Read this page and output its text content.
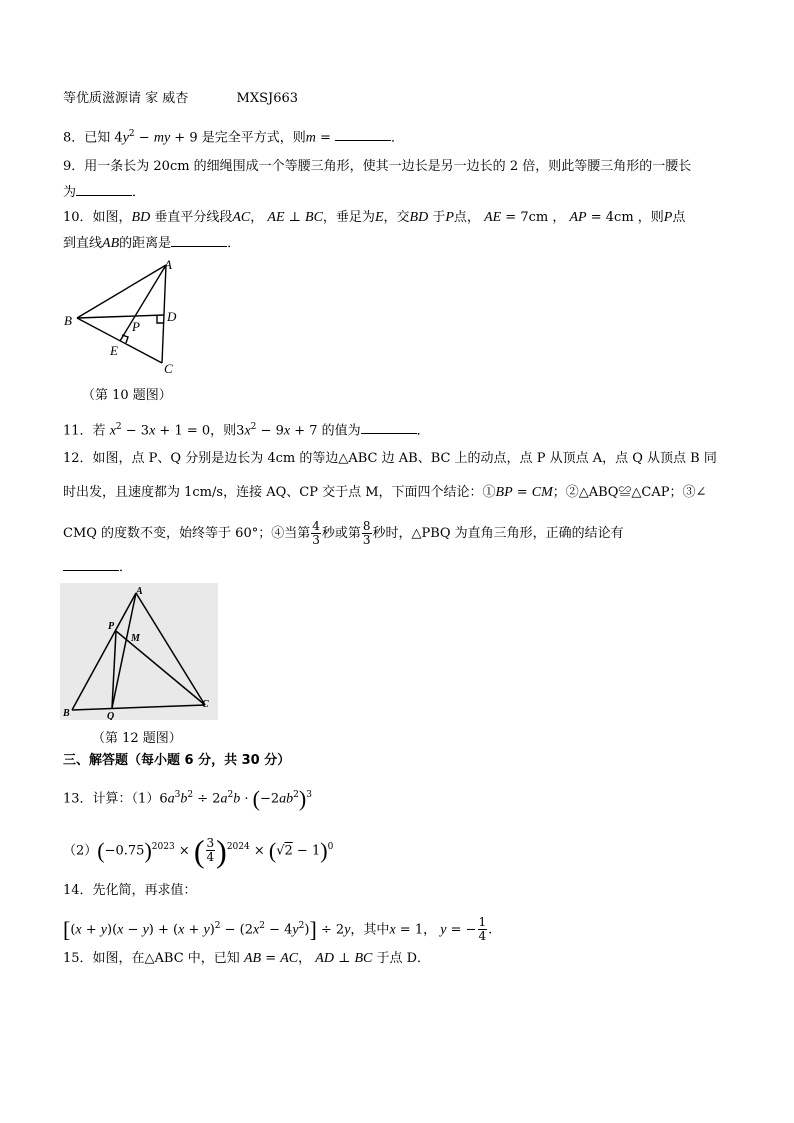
等优质滋源请 家 威杏	MXSJ663
8．已知 $4y^2$ − my + 9 是完全平方式，则m =	．
9．用一条长为 20cm 的细绳围成一个等腰三角形，使其一边长是另一边长的 2 倍，则此等腰三角形的一腰长
为	．
10．如图，BD 垂直平分线段AC， AE ⊥ BC，垂足为E，交BD 于P点， AE = 7cm ， AP = 4cm ，则P点
到直线AB的距离是	．
A
B
C
D
E
P
（第 10 题图）
11．若 $x^2 - 3x + 1 = 0$，则$3x^2 - 9x + 7$ 的值为	．
12．如图，点 P、Q 分别是边长为 4cm 的等边△ABC 边 AB、BC 上的动点，点 P 从顶点 A，点 Q 从顶点 B 同
时出发，且速度都为 1cm/s，连接 AQ、CP 交于点 M，下面四个结论：①BP = CM；②△ABQ≌△CAP；③∠
CMQ 的度数不变，始终等于 60°；④当第 $\frac{4}{3}$ 秒或第 $\frac{8}{3}$ 秒时，△PBQ 为直角三角形，正确的结论有
．
A
B
C
P
Q
M
（第 12 题图）
三、解答题（每小题 6 分，共 30 分）
13．计算：$(1)6a^3b^2 \div 2a^2b \cdot (-2ab^2)^3$
$(2)(-0.75)^{2023}$ × ( $\frac{3}{4} )^{2024} \times (√2 - 1)^0$
14．先化简，再求值：
$[(x + y)(x - y) + (x + y)^2 - (2x^2 - 4y^2)] \div 2y$，其中x = 1， y = − $\frac{1}{4}$ .
15．如图，在△ABC 中，已知 AB = AC， AD ⊥ BC 于点 D．
